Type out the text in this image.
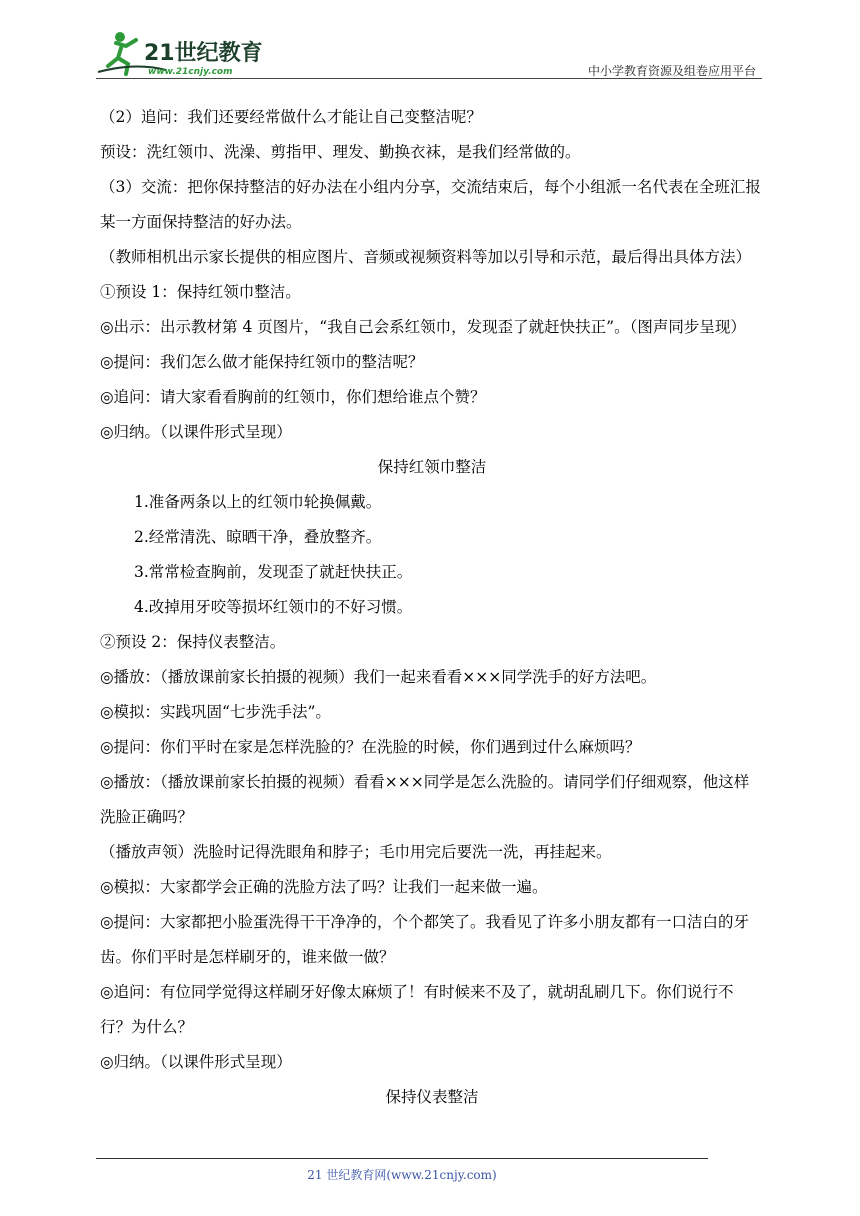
21世纪教育
www.21cnjy.com	中小学教育资源及组卷应用平台

（2）追问：我们还要经常做什么才能让自己变整洁呢？

预设：洗红领巾、洗澡、剪指甲、理发、勤换衣袜，是我们经常做的。

（3）交流：把你保持整洁的好办法在小组内分享，交流结束后，每个小组派一名代表在全班汇报某一方面保持整洁的好办法。

（教师相机出示家长提供的相应图片、音频或视频资料等加以引导和示范，最后得出具体方法）

①预设 1：保持红领巾整洁。

◎出示：出示教材第 4 页图片，“我自己会系红领巾，发现歪了就赶快扶正”。（图声同步呈现）

◎提问：我们怎么做才能保持红领巾的整洁呢？

◎追问：请大家看看胸前的红领巾，你们想给谁点个赞？

◎归纳。（以课件形式呈现）

保持红领巾整洁

1.准备两条以上的红领巾轮换佩戴。

2.经常清洗、晾晒干净，叠放整齐。

3.常常检查胸前，发现歪了就赶快扶正。

4.改掉用牙咬等损坏红领巾的不好习惯。

②预设 2：保持仪表整洁。

◎播放：（播放课前家长拍摄的视频）我们一起来看看×××同学洗手的好方法吧。

◎模拟：实践巩固“七步洗手法”。

◎提问：你们平时在家是怎样洗脸的？在洗脸的时候，你们遇到过什么麻烦吗？

◎播放：（播放课前家长拍摄的视频）看看×××同学是怎么洗脸的。请同学们仔细观察，他这样洗脸正确吗？

（播放声领）洗脸时记得洗眼角和脖子；毛巾用完后要洗一洗，再挂起来。

◎模拟：大家都学会正确的洗脸方法了吗？让我们一起来做一遍。

◎提问：大家都把小脸蛋洗得干干净净的，个个都笑了。我看见了许多小朋友都有一口洁白的牙齿。你们平时是怎样刷牙的，谁来做一做？

◎追问：有位同学觉得这样刷牙好像太麻烦了！有时候来不及了，就胡乱刷几下。你们说行不行？为什么？

◎归纳。（以课件形式呈现）

保持仪表整洁

21 世纪教育网(www.21cnjy.com)
